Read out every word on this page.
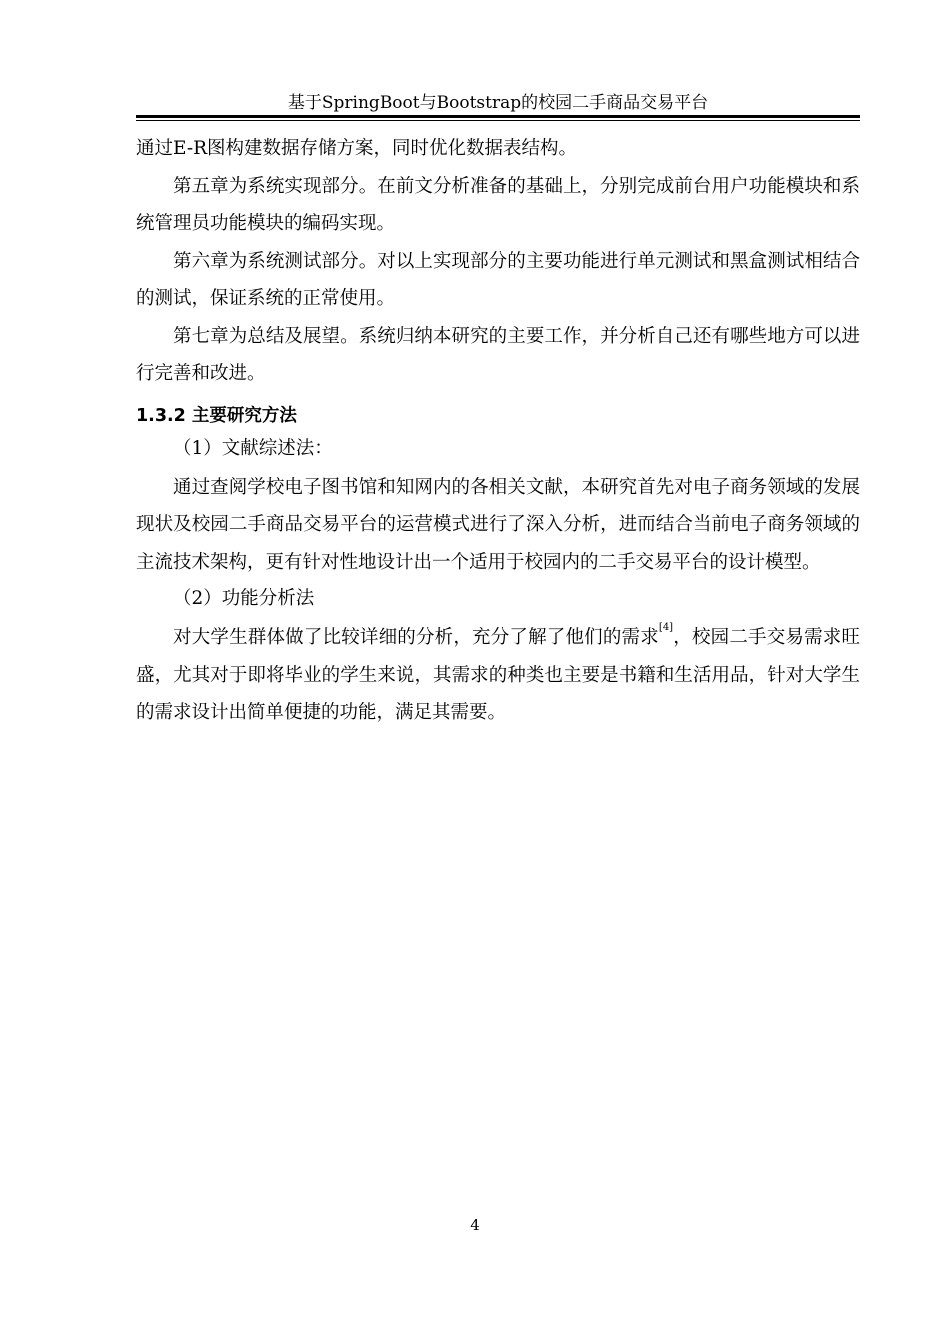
基于SpringBoot与Bootstrap的校园二手商品交易平台

通过E-R图构建数据存储方案，同时优化数据表结构。

第五章为系统实现部分。在前文分析准备的基础上，分别完成前台用户功能模块和系统管理员功能模块的编码实现。

第六章为系统测试部分。对以上实现部分的主要功能进行单元测试和黑盒测试相结合的测试，保证系统的正常使用。

第七章为总结及展望。系统归纳本研究的主要工作，并分析自己还有哪些地方可以进行完善和改进。

1.3.2 主要研究方法

（1）文献综述法：

通过查阅学校电子图书馆和知网内的各相关文献，本研究首先对电子商务领域的发展现状及校园二手商品交易平台的运营模式进行了深入分析，进而结合当前电子商务领域的主流技术架构，更有针对性地设计出一个适用于校园内的二手交易平台的设计模型。

（2）功能分析法

对大学生群体做了比较详细的分析，充分了解了他们的需求[4]，校园二手交易需求旺盛，尤其对于即将毕业的学生来说，其需求的种类也主要是书籍和生活用品，针对大学生的需求设计出简单便捷的功能，满足其需要。

4
